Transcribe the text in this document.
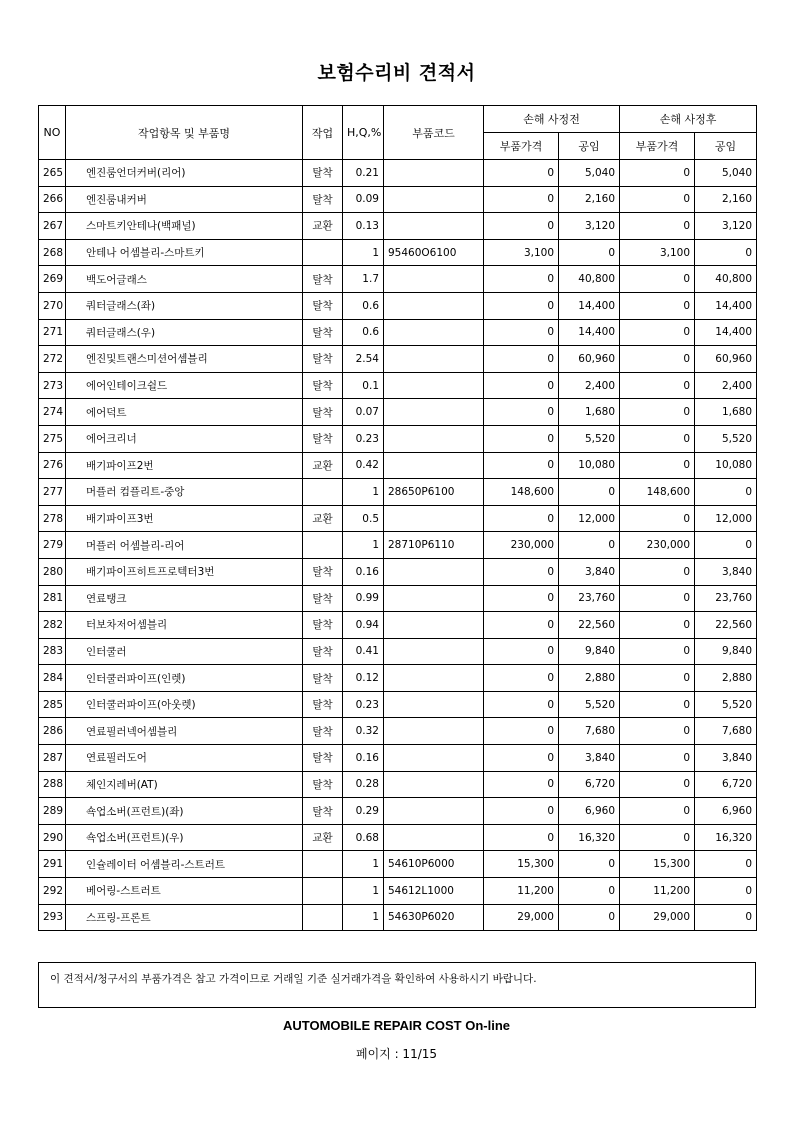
보험수리비 견적서
NO	작업항목 및 부품명	작업	H,Q,%	부품코드	손해 사정전		손해 사정후	
					부품가격	공임	부품가격	공임
265	엔진룸언더커버(리어)	탈착	0.21		0	5,040	0	5,040
266	엔진룸내커버	탈착	0.09		0	2,160	0	2,160
267	스마트키안테나(백패널)	교환	0.13		0	3,120	0	3,120
268	안테나 어셈블리-스마트키		1	95460O6100	3,100	0	3,100	0
269	백도어글래스	탈착	1.7		0	40,800	0	40,800
270	쿼터글래스(좌)	탈착	0.6		0	14,400	0	14,400
271	쿼터글래스(우)	탈착	0.6		0	14,400	0	14,400
272	엔진및트랜스미션어셈블리	탈착	2.54		0	60,960	0	60,960
273	에어인테이크쉴드	탈착	0.1		0	2,400	0	2,400
274	에어덕트	탈착	0.07		0	1,680	0	1,680
275	에어크리너	탈착	0.23		0	5,520	0	5,520
276	배기파이프2번	교환	0.42		0	10,080	0	10,080
277	머플러 컴플리트-중앙		1	28650P6100	148,600	0	148,600	0
278	배기파이프3번	교환	0.5		0	12,000	0	12,000
279	머플러 어셈블리-리어		1	28710P6110	230,000	0	230,000	0
280	배기파이프히트프로텍터3번	탈착	0.16		0	3,840	0	3,840
281	연료탱크	탈착	0.99		0	23,760	0	23,760
282	터보차저어셈블리	탈착	0.94		0	22,560	0	22,560
283	인터쿨러	탈착	0.41		0	9,840	0	9,840
284	인터쿨러파이프(인렛)	탈착	0.12		0	2,880	0	2,880
285	인터쿨러파이프(아웃렛)	탈착	0.23		0	5,520	0	5,520
286	연료필러넥어셈블리	탈착	0.32		0	7,680	0	7,680
287	연료필러도어	탈착	0.16		0	3,840	0	3,840
288	체인지레버(AT)	탈착	0.28		0	6,720	0	6,720
289	쇽업소버(프런트)(좌)	탈착	0.29		0	6,960	0	6,960
290	쇽업소버(프런트)(우)	교환	0.68		0	16,320	0	16,320
291	인슐레이터 어셈블리-스트러트		1	54610P6000	15,300	0	15,300	0
292	베어링-스트러트		1	54612L1000	11,200	0	11,200	0
293	스프링-프론트		1	54630P6020	29,000	0	29,000	0
이 견적서/청구서의 부품가격은 참고 가격이므로 거래일 기준 실거래가격을 확인하여 사용하시기 바랍니다.
AUTOMOBILE REPAIR COST On-line
페이지 : 11/15
